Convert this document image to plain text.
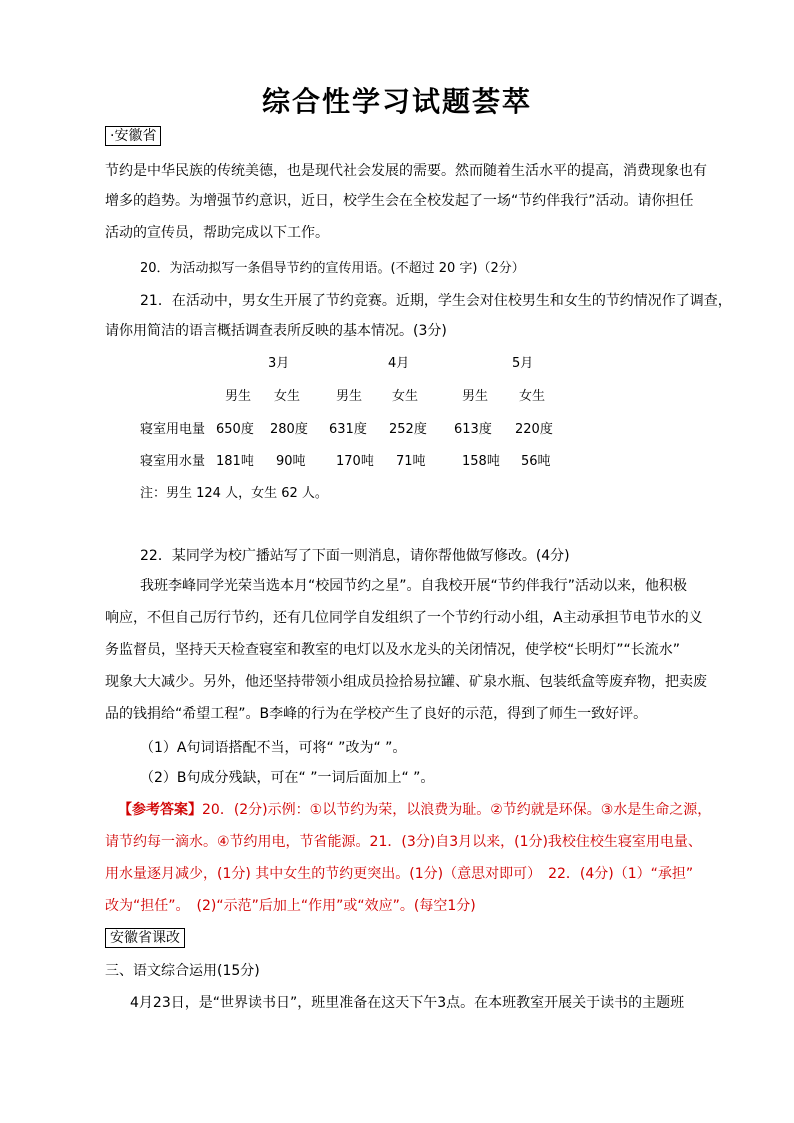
综合性学习试题荟萃
·安徽省
节约是中华民族的传统美德，也是现代社会发展的需要。然而随着生活水平的提高，消费现象也有
增多的趋势。为增强节约意识，近日，校学生会在全校发起了一场“节约伴我行”活动。请你担任
活动的宣传员，帮助完成以下工作。
20．为活动拟写一条倡导节约的宣传用语。(不超过 20 字)（2分）
21．在活动中，男女生开展了节约竞赛。近期，学生会对住校男生和女生的节约情况作了调查，
请你用简洁的语言概括调查表所反映的基本情况。(3分)
3月	4月	5月
男生 女生	男生 女生	男生 女生
寝室用电量 650度 280度 631度 252度 613度 220度
寝室用水量 181吨 90吨 170吨 71吨	158吨 56吨
注：男生 124 人，女生 62 人。
22．某同学为校广播站写了下面一则消息，请你帮他做写修改。(4分)
我班李峰同学光荣当选本月“校园节约之星”。自我校开展“节约伴我行”活动以来，他积极
响应，不但自己厉行节约，还有几位同学自发组织了一个节约行动小组，A主动承担节电节水的义
务监督员，坚持天天检查寝室和教室的电灯以及水龙头的关闭情况，使学校“长明灯”“长流水”
现象大大减少。另外，他还坚持带领小组成员捡拾易拉罐、矿泉水瓶、包装纸盒等废弃物，把卖废
品的钱捐给“希望工程”。B李峰的行为在学校产生了良好的示范，得到了师生一致好评。
（1）A句词语搭配不当，可将“ ”改为“ ”。
（2）B句成分残缺，可在“ ”一词后面加上“ ”。
【参考答案】20．(2分)示例：①以节约为荣，以浪费为耻。②节约就是环保。③水是生命之源，
请节约每一滴水。④节约用电，节省能源。21．(3分)自3月以来，(1分)我校住校生寝室用电量、
用水量逐月减少，(1分) 其中女生的节约更突出。(1分)（意思对即可）　22．(4分)（1）“承担”
改为“担任”。　(2)“示范”后加上“作用”或“效应”。(每空1分)
安徽省课改
三、语文综合运用(15分)
4月23日，是“世界读书日”，班里准备在这天下午3点。在本班教室开展关于读书的主题班
